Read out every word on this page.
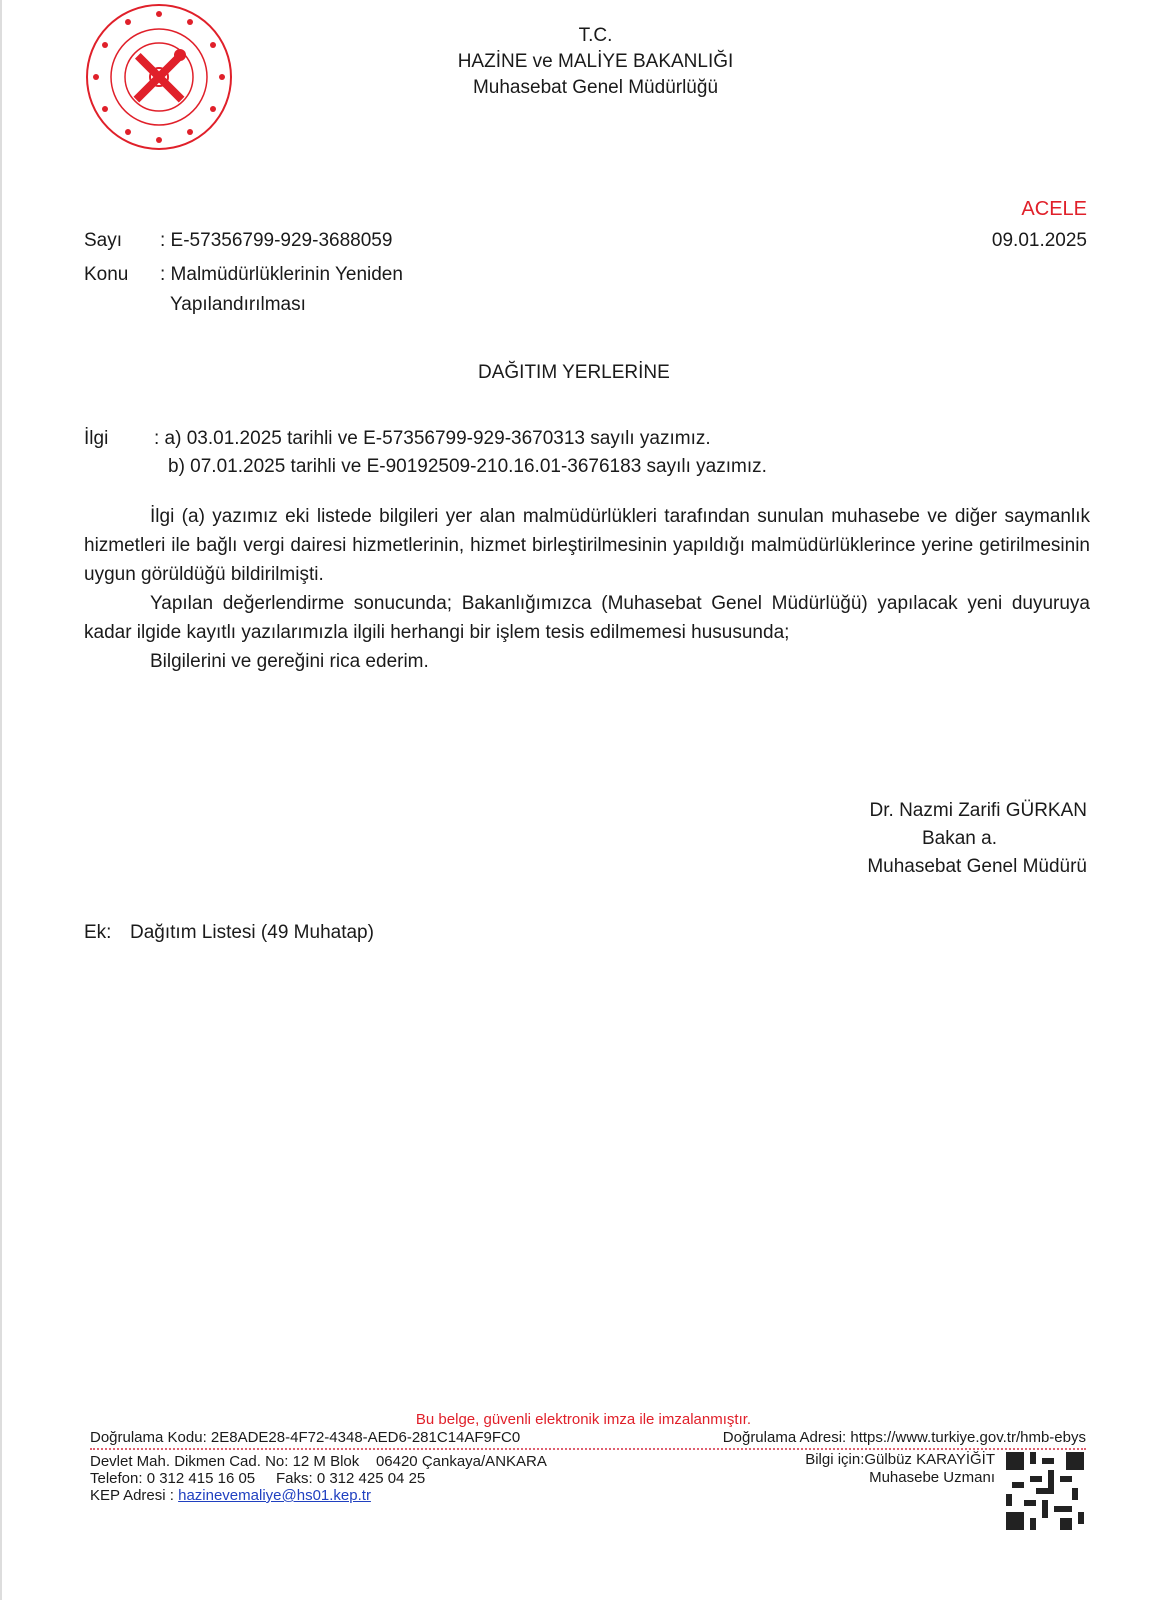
T.C.
HAZİNE ve MALİYE BAKANLIĞI
Muhasebat Genel Müdürlüğü
ACELE
09.01.2025
Sayı : E-57356799-929-3688059
Konu : Malmüdürlüklerinin Yeniden
Yapılandırılması
DAĞITIM YERLERİNE
İlgi : a) 03.01.2025 tarihli ve E-57356799-929-3670313 sayılı yazımız.
b) 07.01.2025 tarihli ve E-90192509-210.16.01-3676183 sayılı yazımız.
İlgi (a) yazımız eki listede bilgileri yer alan malmüdürlükleri tarafından sunulan muhasebe ve diğer saymanlık hizmetleri ile bağlı vergi dairesi hizmetlerinin, hizmet birleştirilmesinin yapıldığı malmüdürlüklerince yerine getirilmesinin uygun görüldüğü bildirilmişti.
Yapılan değerlendirme sonucunda; Bakanlığımızca (Muhasebat Genel Müdürlüğü) yapılacak yeni duyuruya kadar ilgide kayıtlı yazılarımızla ilgili herhangi bir işlem tesis edilmemesi hususunda;
Bilgilerini ve gereğini rica ederim.
Dr. Nazmi Zarifi GÜRKAN
Bakan a.
Muhasebat Genel Müdürü
Ek: Dağıtım Listesi (49 Muhatap)
Bu belge, güvenli elektronik imza ile imzalanmıştır.
Doğrulama Kodu: 2E8ADE28-4F72-4348-AED6-281C14AF9FC0	Doğrulama Adresi: https://www.turkiye.gov.tr/hmb-ebys
Devlet Mah. Dikmen Cad. No: 12 M Blok    06420 Çankaya/ANKARA
Telefon: 0 312 415 16 05     Faks: 0 312 425 04 25
KEP Adresi : hazinevemaliye@hs01.kep.tr
Bilgi için:Gülbüz KARAYİĞİT
Muhasebe Uzmanı
